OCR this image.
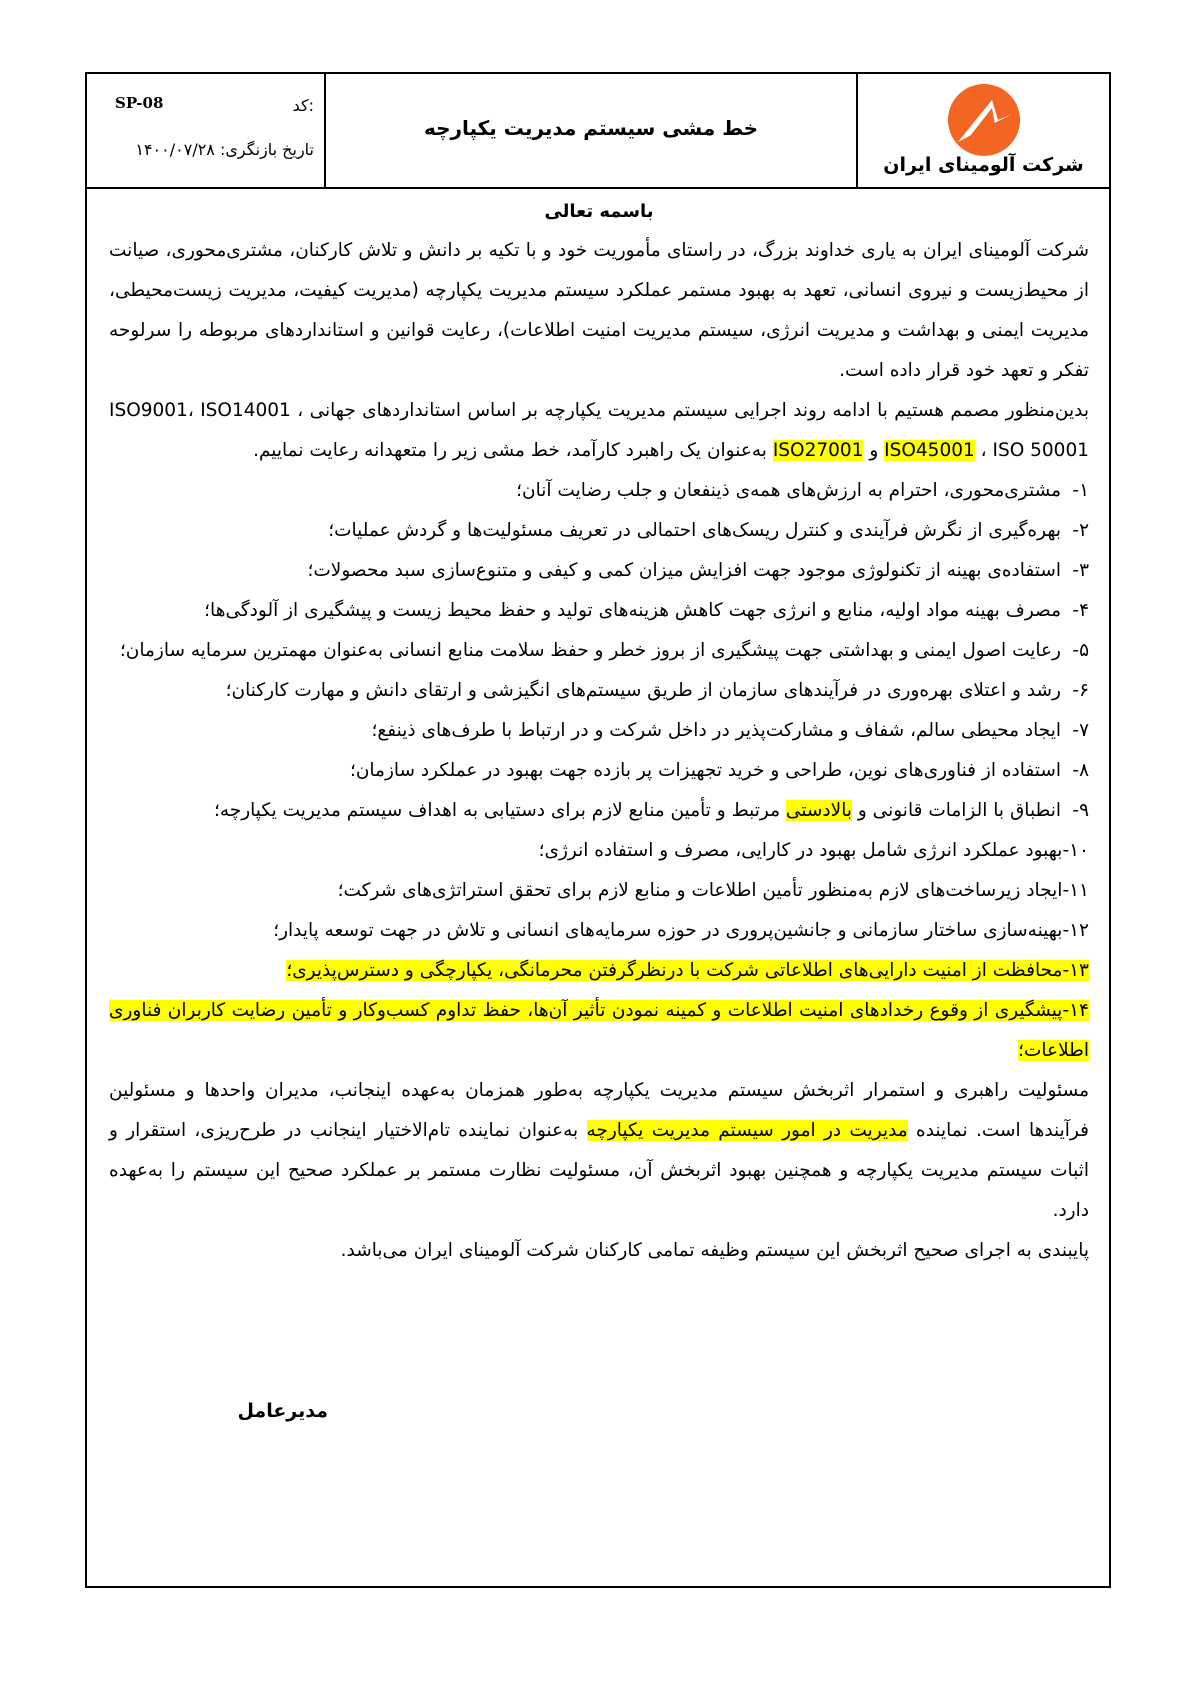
شرکت آلومینای ایران
خط مشی سیستم مدیریت یکپارچه
کد:
SP-08
تاریخ بازنگری: ۱۴۰۰/۰۷/۲۸
باسمه تعالی

شرکت آلومینای ایران به یاری خداوند بزرگ، در راستای مأموریت خود و با تکیه بر دانش و تلاش کارکنان، مشتری‌محوری، صیانت از محیط‌زیست و نیروی انسانی، تعهد به بهبود مستمر عملکرد سیستم مدیریت یکپارچه (مدیریت کیفیت، مدیریت زیست‌محیطی، مدیریت ایمنی و بهداشت و مدیریت انرژی، سیستم مدیریت امنیت اطلاعات)، رعایت قوانین و استانداردهای مربوطه را سرلوحه تفکر و تعهد خود قرار داده است.

بدین‌منظور مصمم هستیم با ادامه روند اجرایی سیستم مدیریت یکپارچه بر اساس استانداردهای جهانی ISO9001، ISO14001 ، ISO45001 ، ISO 50001 و ISO27001 به‌عنوان یک راهبرد کارآمد، خط مشی زیر را متعهدانه رعایت نماییم.

۱-
مشتری‌محوری، احترام به ارزش‌های همه‌ی ذینفعان و جلب رضایت آنان؛
۲-
بهره‌گیری از نگرش فرآیندی و کنترل ریسک‌های احتمالی در تعریف مسئولیت‌ها و گردش عملیات؛
۳-
استفاده‌ی بهینه از تکنولوژی موجود جهت افزایش میزان کمی و کیفی و متنوع‌سازی سبد محصولات؛
۴-
مصرف بهینه مواد اولیه، منابع و انرژی جهت کاهش هزینه‌های تولید و حفظ محیط زیست و پیشگیری از آلودگی‌ها؛
۵-
رعایت اصول ایمنی و بهداشتی جهت پیشگیری از بروز خطر و حفظ سلامت منابع انسانی به‌عنوان مهمترین سرمایه سازمان؛
۶-
رشد و اعتلای بهره‌وری در فرآیندهای سازمان از طریق سیستم‌های انگیزشی و ارتقای دانش و مهارت کارکنان؛
۷-
ایجاد محیطی سالم، شفاف و مشارکت‌پذیر در داخل شرکت و در ارتباط با طرف‌های ذینفع؛
۸-
استفاده از فناوری‌های نوین، طراحی و خرید تجهیزات پر بازده جهت بهبود در عملکرد سازمان؛
۹-
انطباق با الزامات قانونی و بالادستی مرتبط و تأمین منابع لازم برای دستیابی به اهداف سیستم مدیریت یکپارچه؛
۱۰-بهبود عملکرد انرژی شامل بهبود در کارایی، مصرف و استفاده انرژی؛
۱۱-ایجاد زیرساخت‌های لازم به‌منظور تأمین اطلاعات و منابع لازم برای تحقق استراتژی‌های شرکت؛
۱۲-بهینه‌سازی ساختار سازمانی و جانشین‌پروری در حوزه سرمایه‌های انسانی و تلاش در جهت توسعه پایدار؛
۱۳-محافظت از امنیت دارایی‌های اطلاعاتی شرکت با درنظرگرفتن محرمانگی، یکپارچگی و دسترس‌پذیری؛
۱۴-پیشگیری از وقوع رخدادهای امنیت اطلاعات و کمینه نمودن تأثیر آن‌ها، حفظ تداوم کسب‌وکار و تأمین رضایت کاربران فناوری اطلاعات؛

مسئولیت راهبری و استمرار اثربخش سیستم مدیریت یکپارچه به‌طور همزمان به‌عهده اینجانب، مدیران واحدها و مسئولین فرآیندها است. نماینده مدیریت در امور سیستم مدیریت یکپارچه به‌عنوان نماینده تام‌الاختیار اینجانب در طرح‌ریزی، استقرار و اثبات سیستم مدیریت یکپارچه و همچنین بهبود اثربخش آن، مسئولیت نظارت مستمر بر عملکرد صحیح این سیستم را به‌عهده دارد.

پایبندی به اجرای صحیح اثربخش این سیستم وظیفه تمامی کارکنان شرکت آلومینای ایران می‌باشد.

مدیرعامل
